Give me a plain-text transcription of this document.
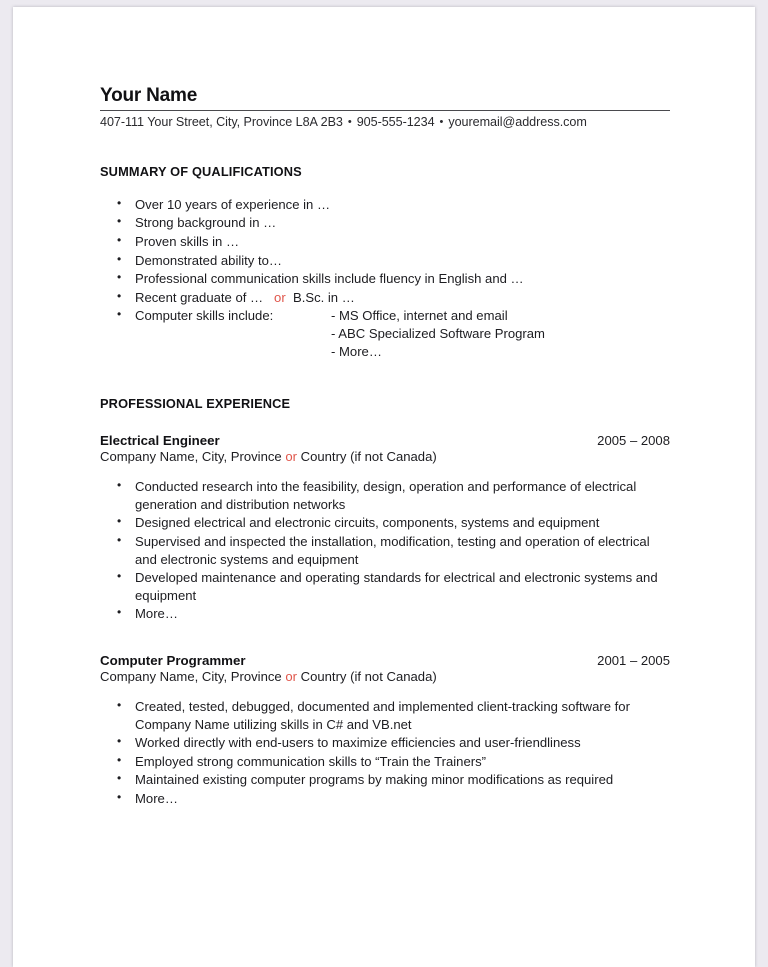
Your Name
407-111 Your Street, City, Province L8A 2B3 • 905-555-1234 • youremail@address.com
SUMMARY OF QUALIFICATIONS
• Over 10 years of experience in …
• Strong background in …
• Proven skills in …
• Demonstrated ability to…
• Professional communication skills include fluency in English and …
• Recent graduate of … or B.Sc. in …
• Computer skills include:	- MS Office, internet and email
- ABC Specialized Software Program
- More…
PROFESSIONAL EXPERIENCE
Electrical Engineer	2005 – 2008
Company Name, City, Province or Country (if not Canada)
• Conducted research into the feasibility, design, operation and performance of electrical generation and distribution networks
• Designed electrical and electronic circuits, components, systems and equipment
• Supervised and inspected the installation, modification, testing and operation of electrical and electronic systems and equipment
• Developed maintenance and operating standards for electrical and electronic systems and equipment
• More…
Computer Programmer	2001 – 2005
Company Name, City, Province or Country (if not Canada)
• Created, tested, debugged, documented and implemented client-tracking software for Company Name utilizing skills in C# and VB.net
• Worked directly with end-users to maximize efficiencies and user-friendliness
• Employed strong communication skills to “Train the Trainers”
• Maintained existing computer programs by making minor modifications as required
• More…
